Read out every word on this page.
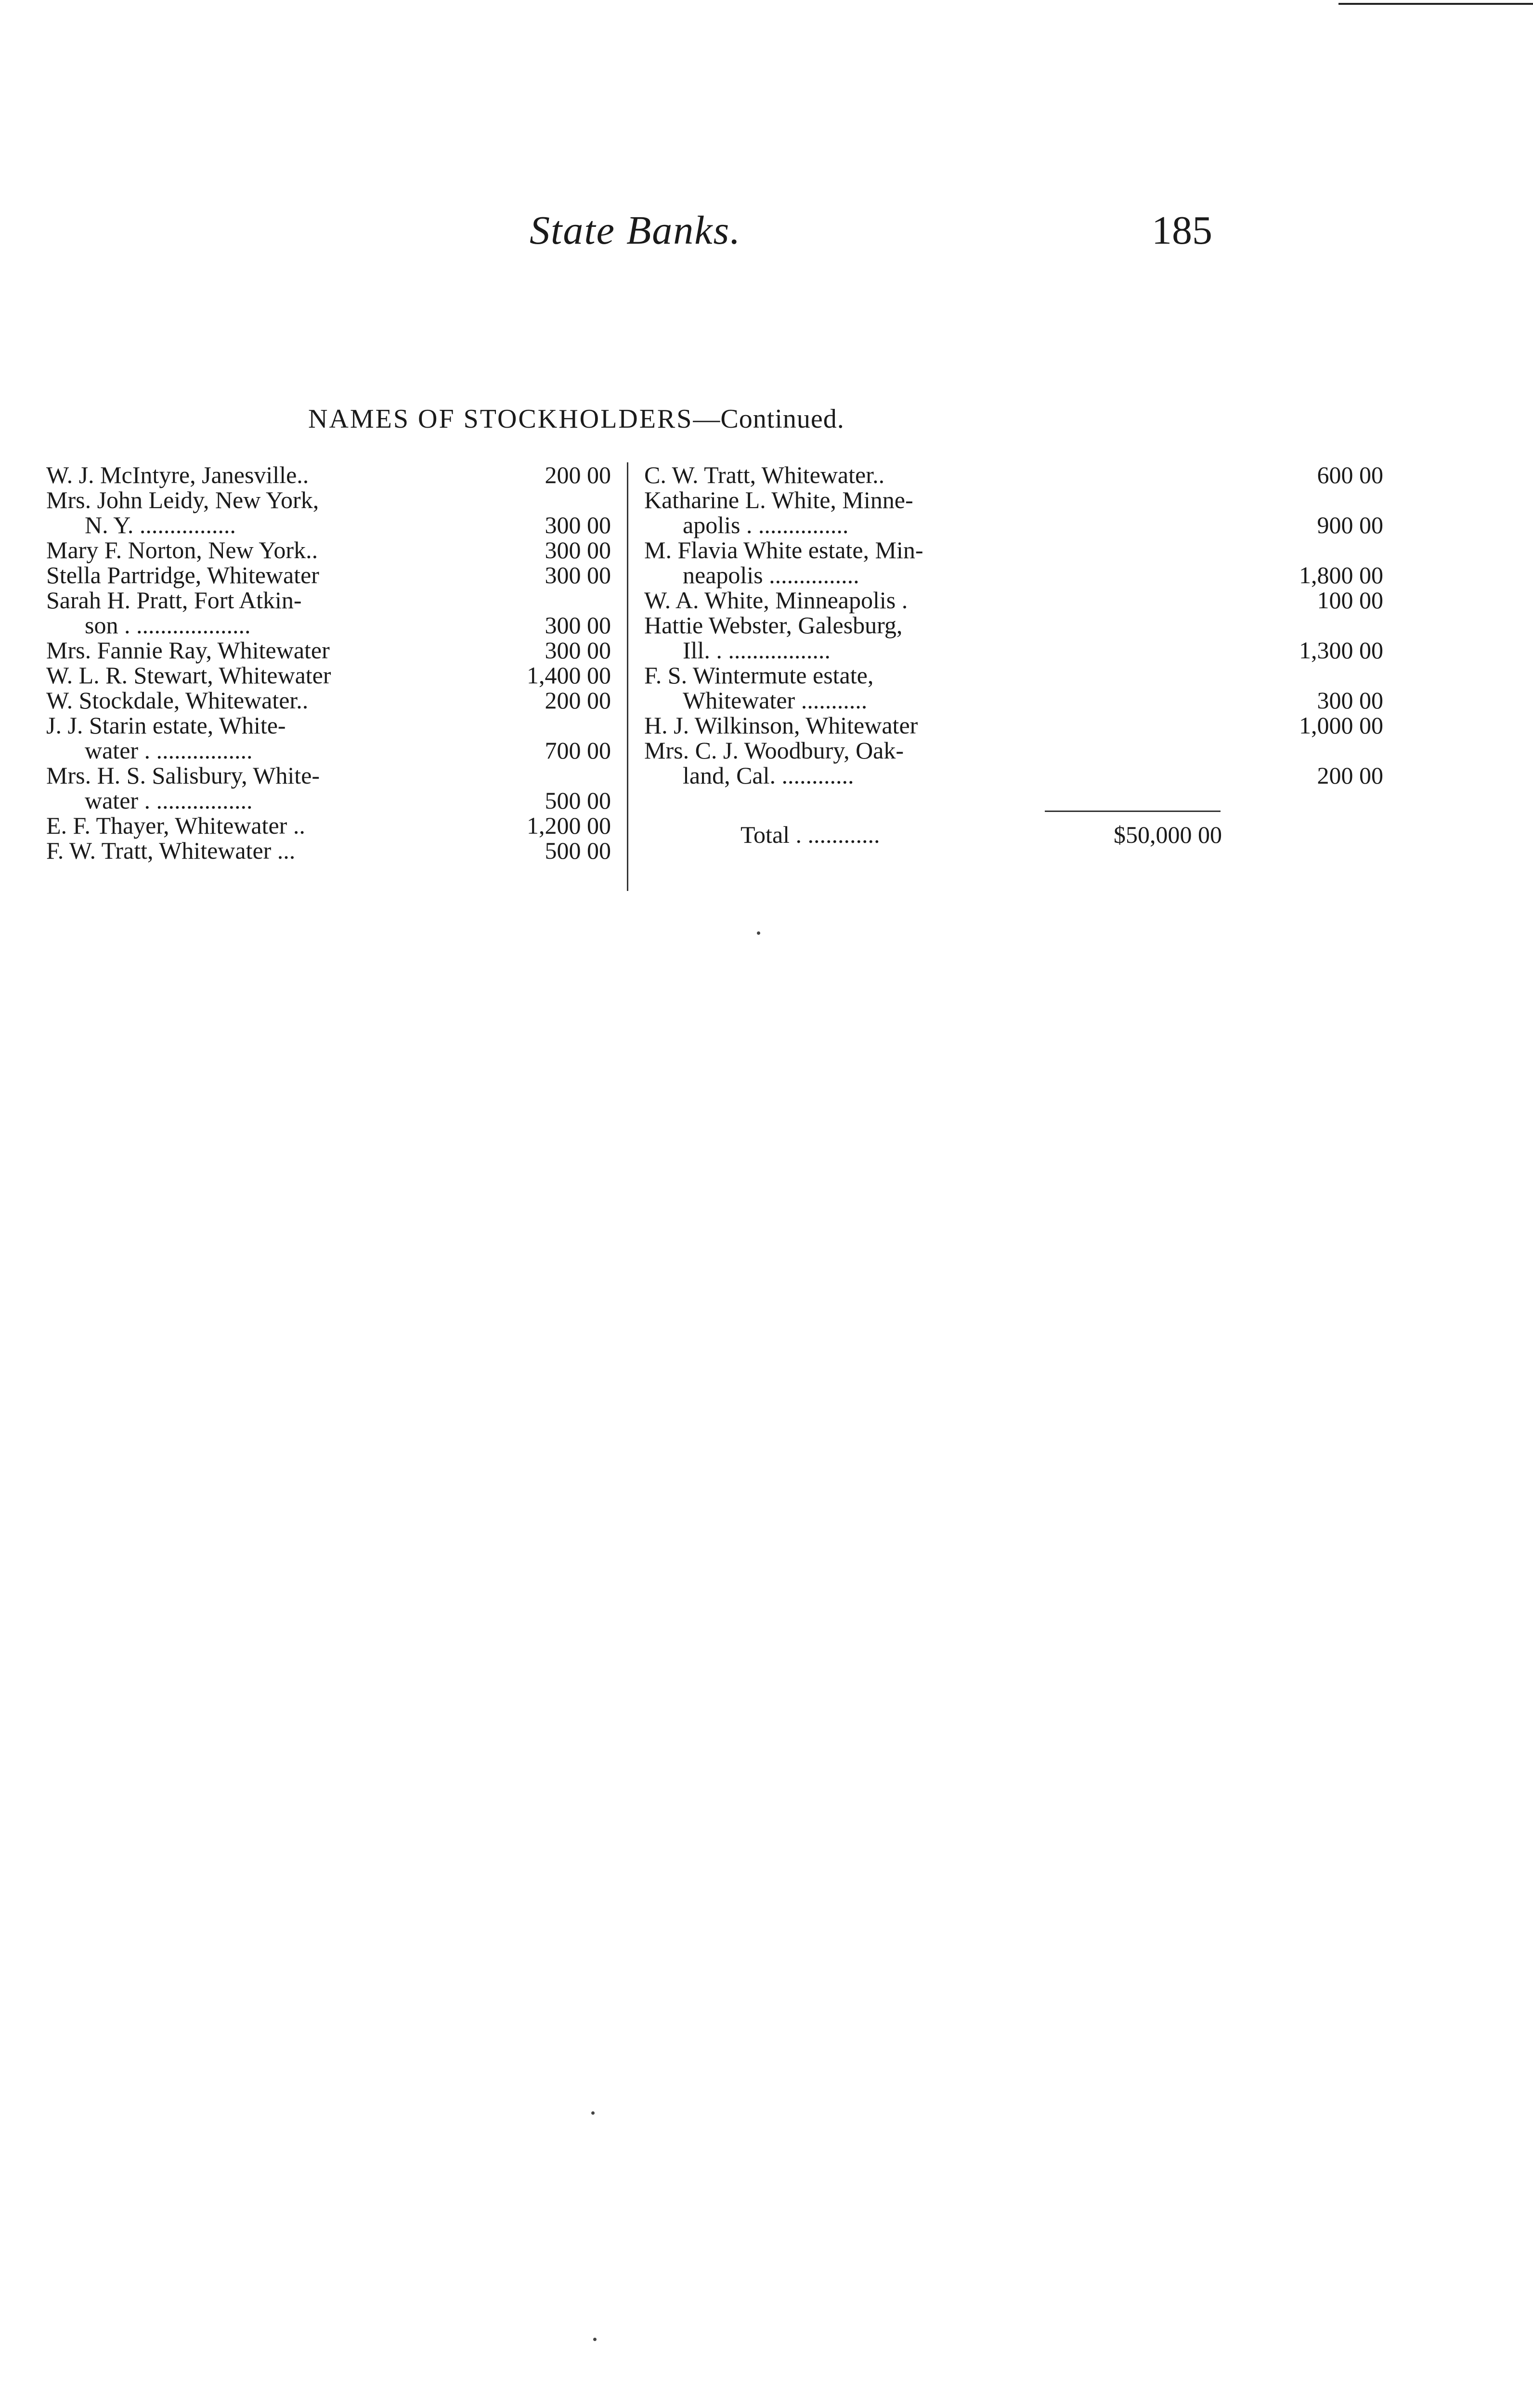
State Banks.	185
NAMES OF STOCKHOLDERS—Continued.
W. J. McIntyre, Janesville..	200 00
Mrs. John Leidy, New York,
N. Y. ................	300 00
Mary F. Norton, New York..	300 00
Stella Partridge, Whitewater	300 00
Sarah H. Pratt, Fort Atkin-
son . ...................	300 00
Mrs. Fannie Ray, Whitewater	300 00
W. L. R. Stewart, Whitewater	1,400 00
W. Stockdale, Whitewater..	200 00
J. J. Starin estate, White-
water . ................	700 00
Mrs. H. S. Salisbury, White-
water . ................	500 00
E. F. Thayer, Whitewater ..	1,200 00
F. W. Tratt, Whitewater ...	500 00
C. W. Tratt, Whitewater..	600 00
Katharine L. White, Minne-
apolis . ...............	900 00
M. Flavia White estate, Min-
neapolis ...............	1,800 00
W. A. White, Minneapolis .	100 00
Hattie Webster, Galesburg,
Ill. . .................	1,300 00
F. S. Wintermute estate,
Whitewater ...........	300 00
H. J. Wilkinson, Whitewater	1,000 00
Mrs. C. J. Woodbury, Oak-
land, Cal. ............	200 00
Total . ............	$50,000 00
